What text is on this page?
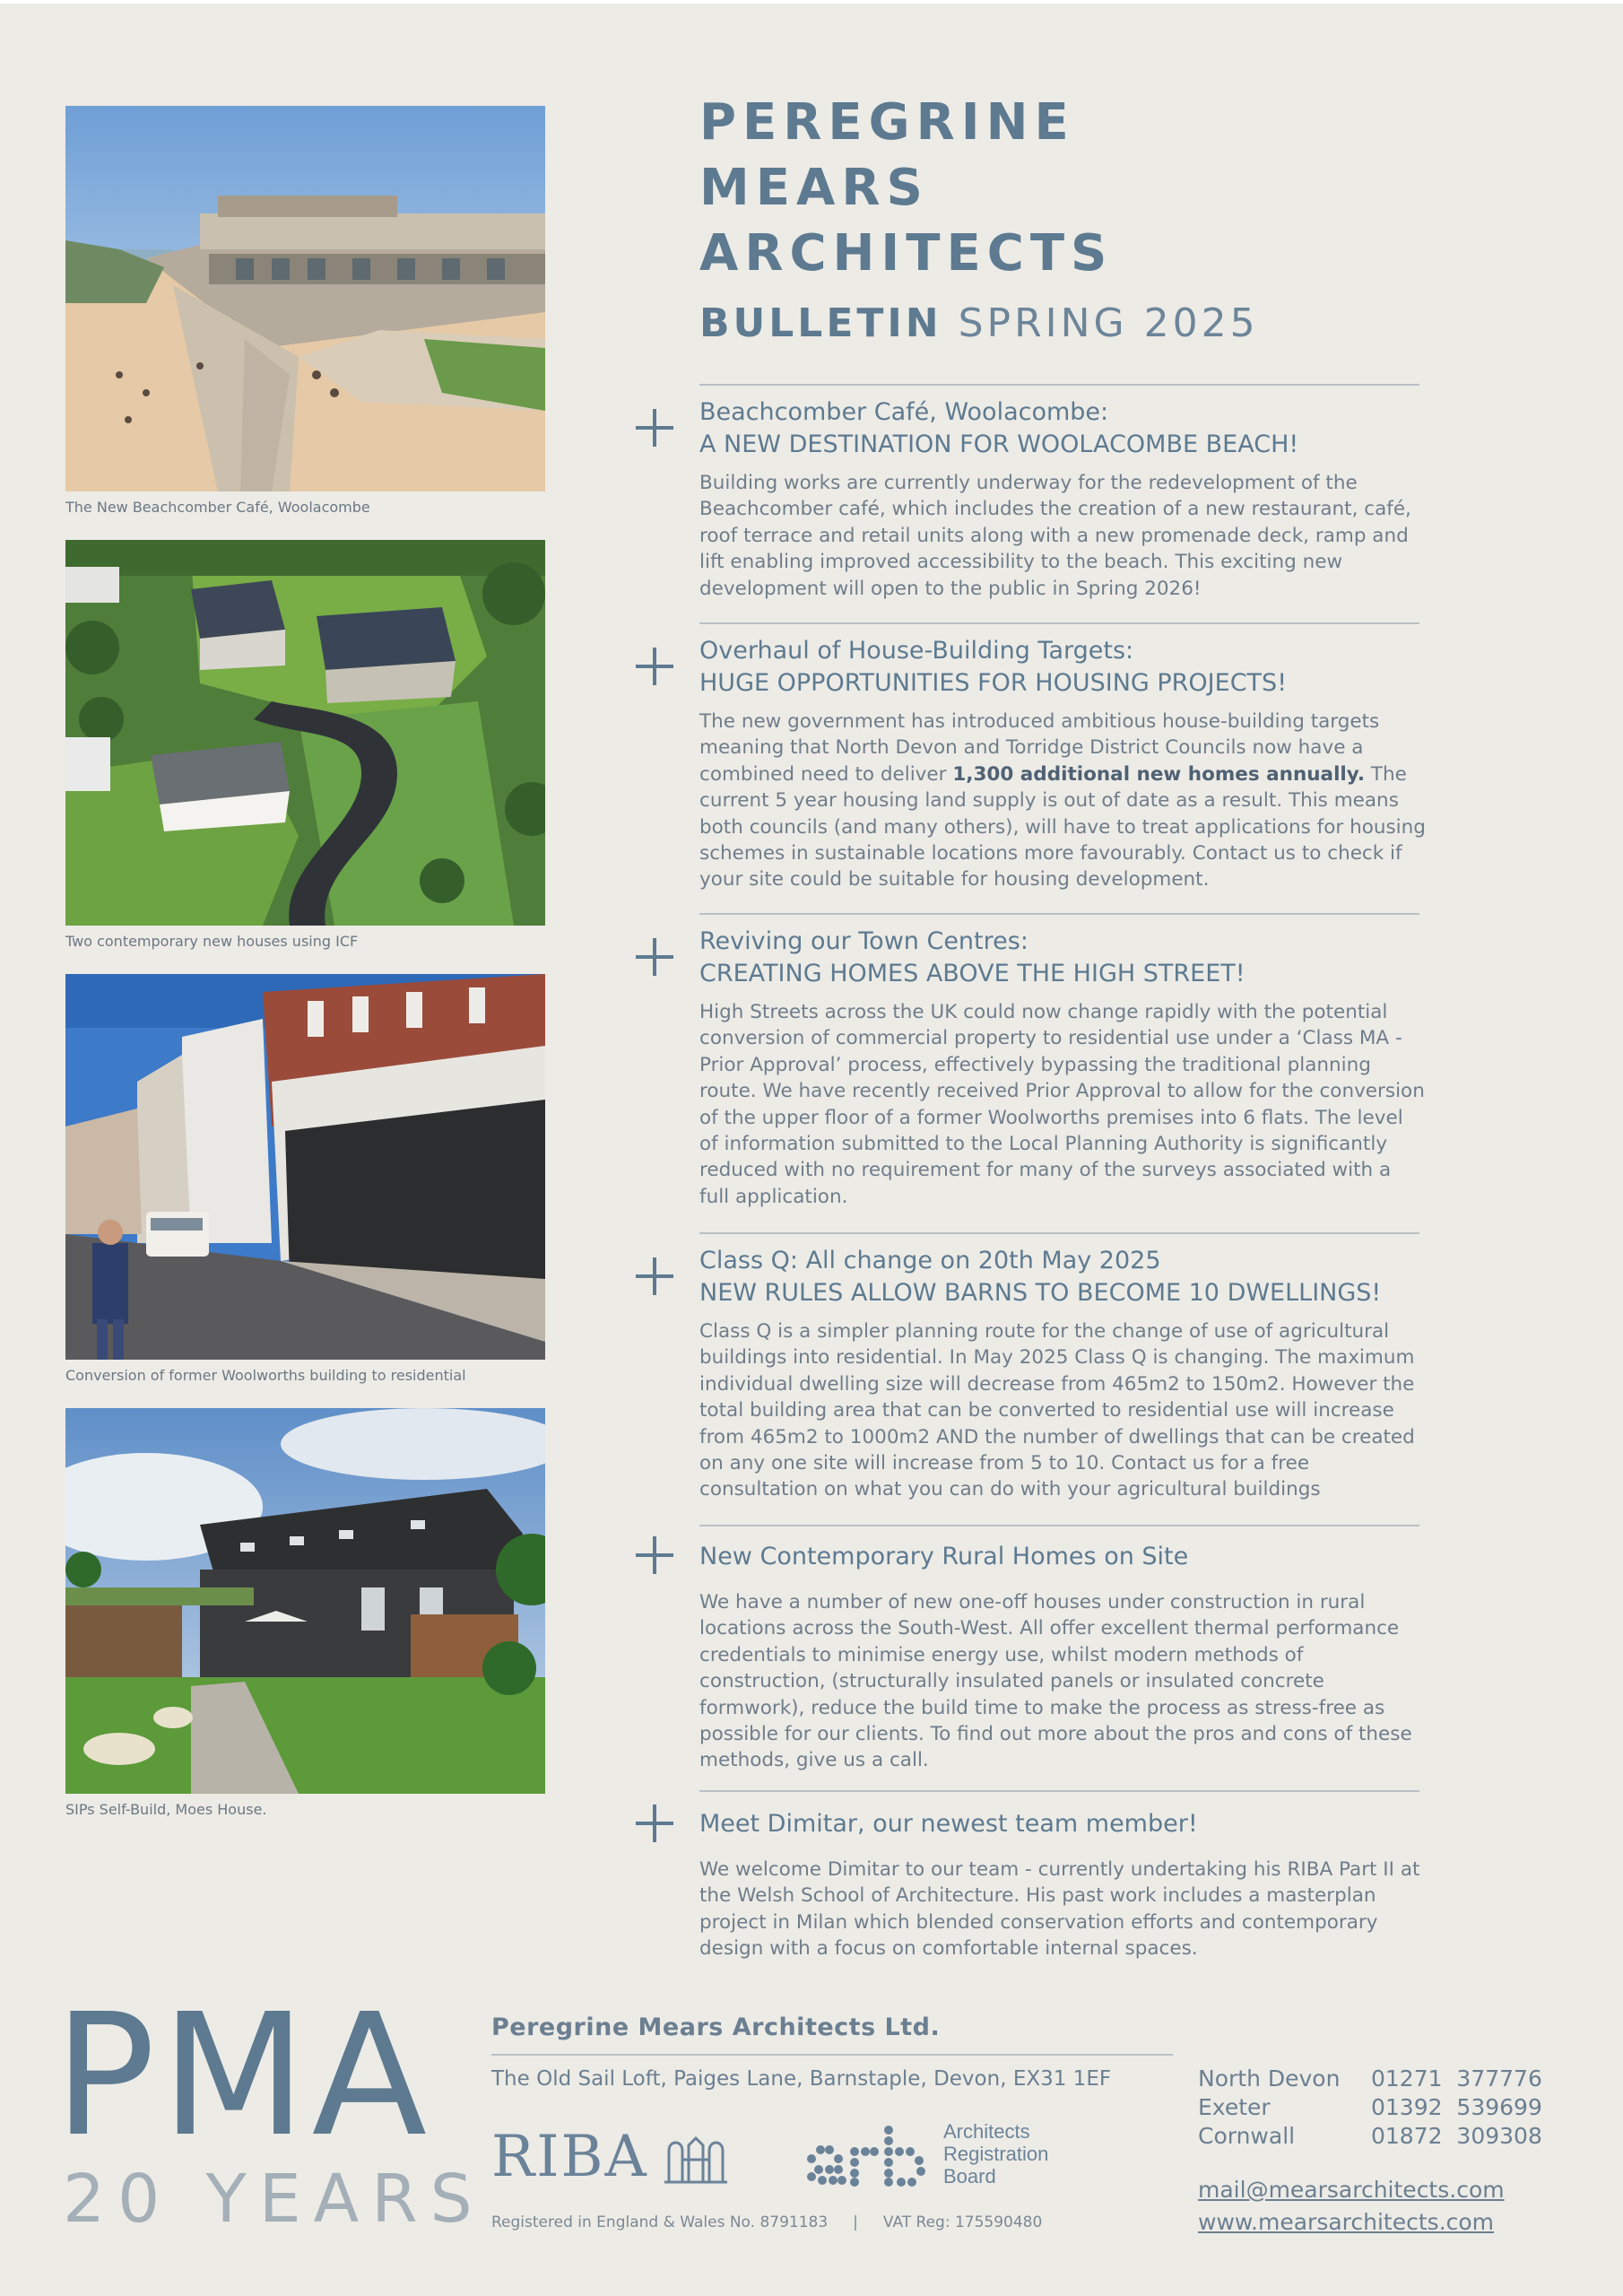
The New Beachcomber Café, Woolacombe
Two contemporary new houses using ICF
Conversion of former Woolworths building to residential
SIPs Self-Build, Moes House.
PEREGRINE
MEARS
ARCHITECTS
BULLETIN SPRING 2025
Beachcomber Café, Woolacombe:
A NEW DESTINATION FOR WOOLACOMBE BEACH!

Building works are currently underway for the redevelopment of the Beachcomber café, which includes the creation of a new restaurant, café, roof terrace and retail units along with a new promenade deck, ramp and lift enabling improved accessibility to the beach. This exciting new development will open to the public in Spring 2026!

Overhaul of House-Building Targets:
HUGE OPPORTUNITIES FOR HOUSING PROJECTS!

The new government has introduced ambitious house-building targets meaning that North Devon and Torridge District Councils now have a combined need to deliver 1,300 additional new homes annually. The current 5 year housing land supply is out of date as a result. This means both councils (and many others), will have to treat applications for housing schemes in sustainable locations more favourably. Contact us to check if your site could be suitable for housing development.

Reviving our Town Centres:
CREATING HOMES ABOVE THE HIGH STREET!

High Streets across the UK could now change rapidly with the potential conversion of commercial property to residential use under a ‘Class MA - Prior Approval’ process, effectively bypassing the traditional planning route. We have recently received Prior Approval to allow for the conversion of the upper floor of a former Woolworths premises into 6 flats. The level of information submitted to the Local Planning Authority is significantly reduced with no requirement for many of the surveys associated with a full application.

Class Q: All change on 20th May 2025
NEW RULES ALLOW BARNS TO BECOME 10 DWELLINGS!

Class Q is a simpler planning route for the change of use of agricultural buildings into residential. In May 2025 Class Q is changing. The maximum individual dwelling size will decrease from 465m2 to 150m2. However the total building area that can be converted to residential use will increase from 465m2 to 1000m2 AND the number of dwellings that can be created on any one site will increase from 5 to 10. Contact us for a free consultation on what you can do with your agricultural buildings

New Contemporary Rural Homes on Site

We have a number of new one-off houses under construction in rural locations across the South-West. All offer excellent thermal performance credentials to minimise energy use, whilst modern methods of construction, (structurally insulated panels or insulated concrete formwork), reduce the build time to make the process as stress-free as possible for our clients. To find out more about the pros and cons of these methods, give us a call.

Meet Dimitar, our newest team member!

We welcome Dimitar to our team - currently undertaking his RIBA Part II at the Welsh School of Architecture. His past work includes a masterplan project in Milan which blended conservation efforts and contemporary design with a focus on comfortable internal spaces.

PMA
20 YEARS
Peregrine Mears Architects Ltd.
The Old Sail Loft, Paiges Lane, Barnstaple, Devon, EX31 1EF
RIBA	Architects
Registration
Board
Registered in England & Wales No. 8791183 | VAT Reg: 175590480
North Devon 01271  377776
Exeter	01392  539699
Cornwall	01872  309308
mail@mearsarchitects.com
www.mearsarchitects.com
